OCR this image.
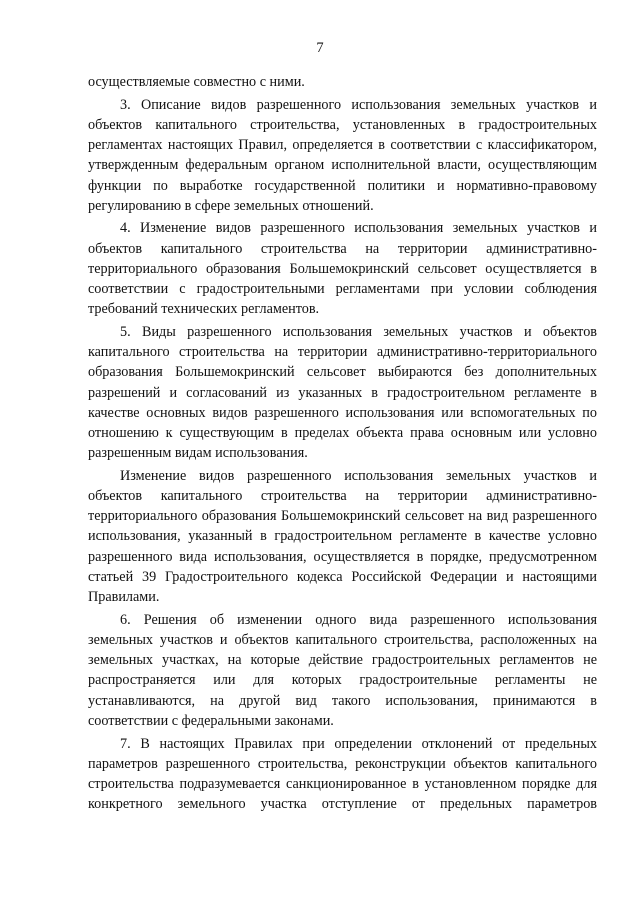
7

осуществляемые совместно с ними.

3. Описание видов разрешенного использования земельных участков и объектов капитального строительства, установленных в градостроительных регламентах настоящих Правил, определяется в соответствии с классификатором, утвержденным федеральным органом исполнительной власти, осуществляющим функции по выработке государственной политики и нормативно-правовому регулированию в сфере земельных отношений.

4. Изменение видов разрешенного использования земельных участков и объектов капитального строительства на территории административно-территориального образования Большемокринский сельсовет осуществляется в соответствии с градостроительными регламентами при условии соблюдения требований технических регламентов.

5. Виды разрешенного использования земельных участков и объектов капитального строительства на территории административно-территориального образования Большемокринский сельсовет выбираются без дополнительных разрешений и согласований из указанных в градостроительном регламенте в качестве основных видов разрешенного использования или вспомогательных по отношению к существующим в пределах объекта права основным или условно разрешенным видам использования.

Изменение видов разрешенного использования земельных участков и объектов капитального строительства на территории административно-территориального образования Большемокринский сельсовет на вид разрешенного использования, указанный в градостроительном регламенте в качестве условно разрешенного вида использования, осуществляется в порядке, предусмотренном статьей 39 Градостроительного кодекса Российской Федерации и настоящими Правилами.

6. Решения об изменении одного вида разрешенного использования земельных участков и объектов капитального строительства, расположенных на земельных участках, на которые действие градостроительных регламентов не распространяется или для которых градостроительные регламенты не устанавливаются, на другой вид такого использования, принимаются в соответствии с федеральными законами.

7. В настоящих Правилах при определении отклонений от предельных параметров разрешенного строительства, реконструкции объектов капитального строительства подразумевается санкционированное в установленном порядке для конкретного земельного участка отступление от предельных параметров
